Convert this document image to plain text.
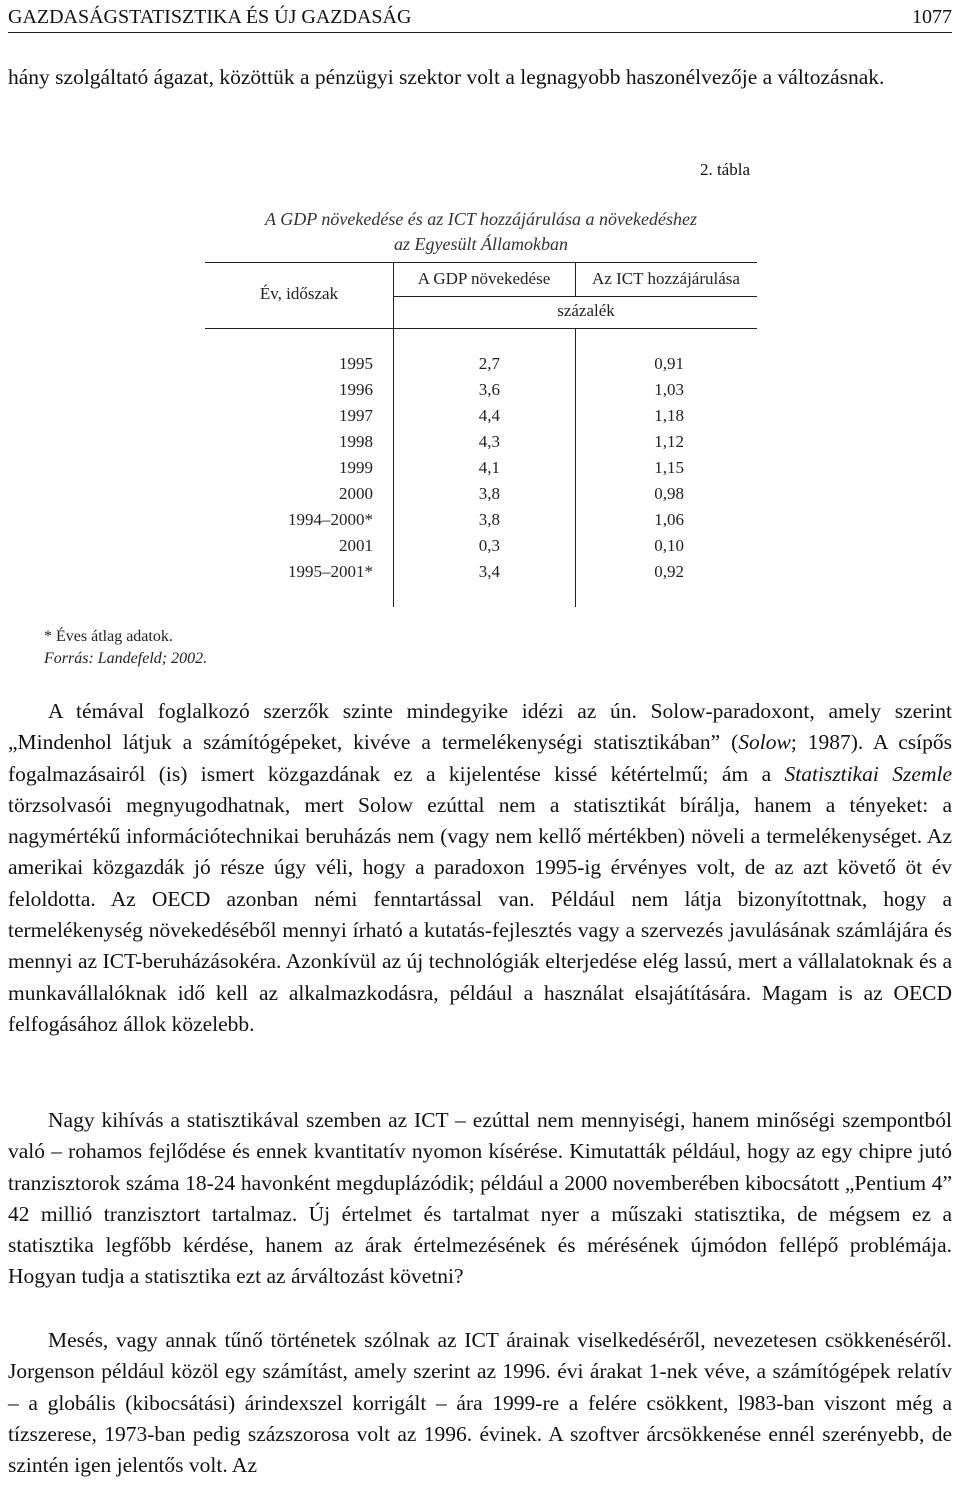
GAZDASÁGSTATISZTIKA ÉS ÚJ GAZDASÁG	1077

hány szolgáltató ágazat, közöttük a pénzügyi szektor volt a legnagyobb haszonélvezője a változásnak.

2. tábla
A GDP növekedése és az ICT hozzájárulása a növekedéshez
az Egyesült Államokban
Év, időszak
A GDP növekedése	Az ICT hozzájárulása
százalék
1995	2,7	0,91
1996	3,6	1,03
1997	4,4	1,18
1998	4,3	1,12
1999	4,1	1,15
2000	3,8	0,98
1994–2000*	3,8	1,06
2001	0,3	0,10
1995–2001*	3,4	0,92
* Éves átlag adatok.
Forrás: Landefeld; 2002.

A témával foglalkozó szerzők szinte mindegyike idézi az ún. Solow-paradoxont, amely szerint „Mindenhol látjuk a számítógépeket, kivéve a termelékenységi statisztikában” (Solow; 1987). A csípős fogalmazásairól (is) ismert közgazdának ez a kijelentése kissé kétértelmű; ám a Statisztikai Szemle törzsolvasói megnyugodhatnak, mert Solow ezúttal nem a statisztikát bírálja, hanem a tényeket: a nagymértékű információtechnikai beruházás nem (vagy nem kellő mértékben) növeli a termelékenységet. Az amerikai közgazdák jó része úgy véli, hogy a paradoxon 1995-ig érvényes volt, de az azt követő öt év feloldotta. Az OECD azonban némi fenntartással van. Például nem látja bizonyítottnak, hogy a termelékenység növekedéséből mennyi írható a kutatás-fejlesztés vagy a szervezés javulásának számlájára és mennyi az ICT-beruházásokéra. Azonkívül az új technológiák elterjedése elég lassú, mert a vállalatoknak és a munkavállalóknak idő kell az alkalmazkodásra, például a használat elsajátítására. Magam is az OECD felfogásához állok közelebb.

Nagy kihívás a statisztikával szemben az ICT – ezúttal nem mennyiségi, hanem minőségi szempontból való – rohamos fejlődése és ennek kvantitatív nyomon kísérése. Kimutatták például, hogy az egy chipre jutó tranzisztorok száma 18-24 havonként megduplázódik; például a 2000 novemberében kibocsátott „Pentium 4” 42 millió tranzisztort tartalmaz. Új értelmet és tartalmat nyer a műszaki statisztika, de mégsem ez a statisztika legfőbb kérdése, hanem az árak értelmezésének és mérésének újmódon fellépő problémája. Hogyan tudja a statisztika ezt az árváltozást követni?

Mesés, vagy annak tűnő történetek szólnak az ICT árainak viselkedéséről, nevezetesen csökkenéséről. Jorgenson például közöl egy számítást, amely szerint az 1996. évi árakat 1-nek véve, a számítógépek relatív – a globális (kibocsátási) árindexszel korrigált – ára 1999-re a felére csökkent, l983-ban viszont még a tízszerese, 1973-ban pedig százszorosa volt az 1996. évinek. A szoftver árcsökkenése ennél szerényebb, de szintén igen jelentős volt. Az
